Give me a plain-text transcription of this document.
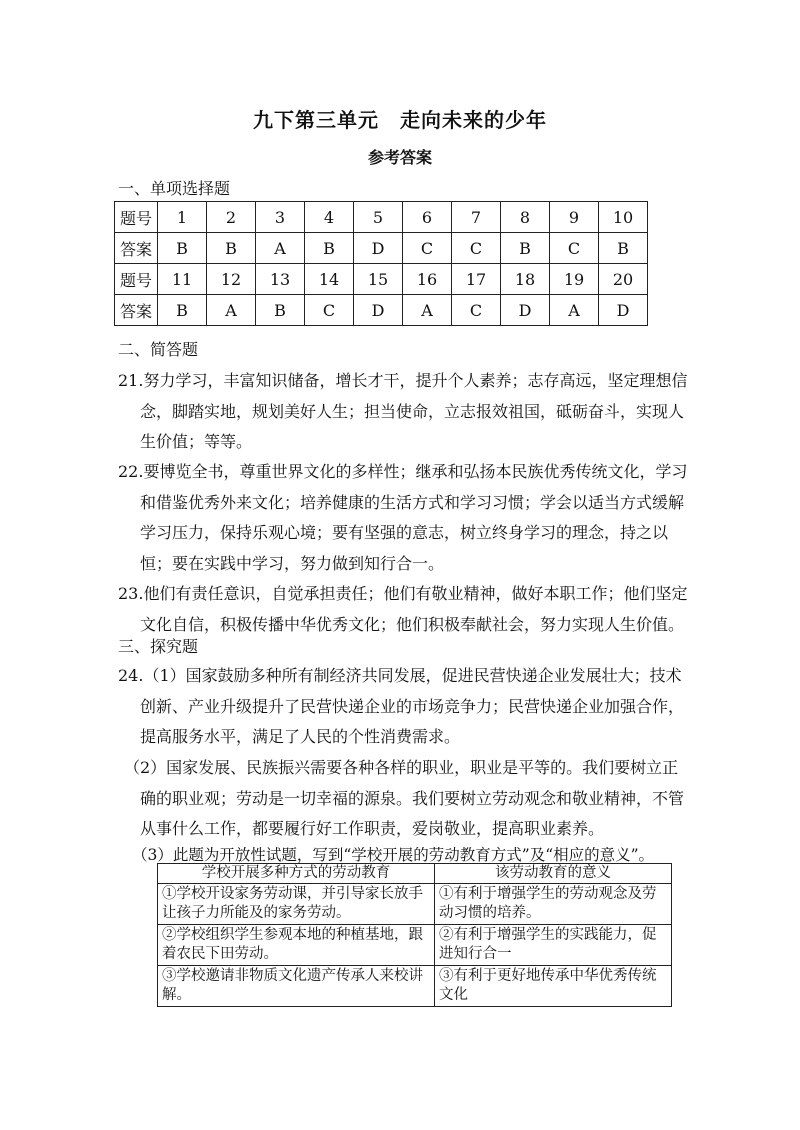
九下第三单元　走向未来的少年
参考答案
一、单项选择题
题号	1	2	3	4	5	6	7	8	9	10
答案	B	B	A	B	D	C	C	B	C	B
题号	11	12	13	14	15	16	17	18	19	20
答案	B	A	B	C	D	A	C	D	A	D
二、简答题
21.努力学习，丰富知识储备，增长才干，提升个人素养；志存高远，坚定理想信念，脚踏实地，规划美好人生；担当使命，立志报效祖国，砥砺奋斗，实现人生价值；等等。
22.要博览全书，尊重世界文化的多样性；继承和弘扬本民族优秀传统文化，学习和借鉴优秀外来文化；培养健康的生活方式和学习习惯；学会以适当方式缓解学习压力，保持乐观心境；要有坚强的意志，树立终身学习的理念，持之以恒；要在实践中学习，努力做到知行合一。
23.他们有责任意识，自觉承担责任；他们有敬业精神，做好本职工作；他们坚定文化自信，积极传播中华优秀文化；他们积极奉献社会，努力实现人生价值。
三、探究题
24.（1）国家鼓励多种所有制经济共同发展，促进民营快递企业发展壮大；技术创新、产业升级提升了民营快递企业的市场竞争力；民营快递企业加强合作，提高服务水平，满足了人民的个性消费需求。
（2）国家发展、民族振兴需要各种各样的职业，职业是平等的。我们要树立正确的职业观；劳动是一切幸福的源泉。我们要树立劳动观念和敬业精神，不管从事什么工作，都要履行好工作职责，爱岗敬业，提高职业素养。
（3）此题为开放性试题，写到“学校开展的劳动教育方式”及“相应的意义”。
学校开展多种方式的劳动教育	该劳动教育的意义
①学校开设家务劳动课，并引导家长放手让孩子力所能及的家务劳动。	①有利于增强学生的劳动观念及劳动习惯的培养。
②学校组织学生参观本地的种植基地，跟着农民下田劳动。	②有利于增强学生的实践能力，促进知行合一
③学校邀请非物质文化遗产传承人来校讲解。	③有利于更好地传承中华优秀传统文化
